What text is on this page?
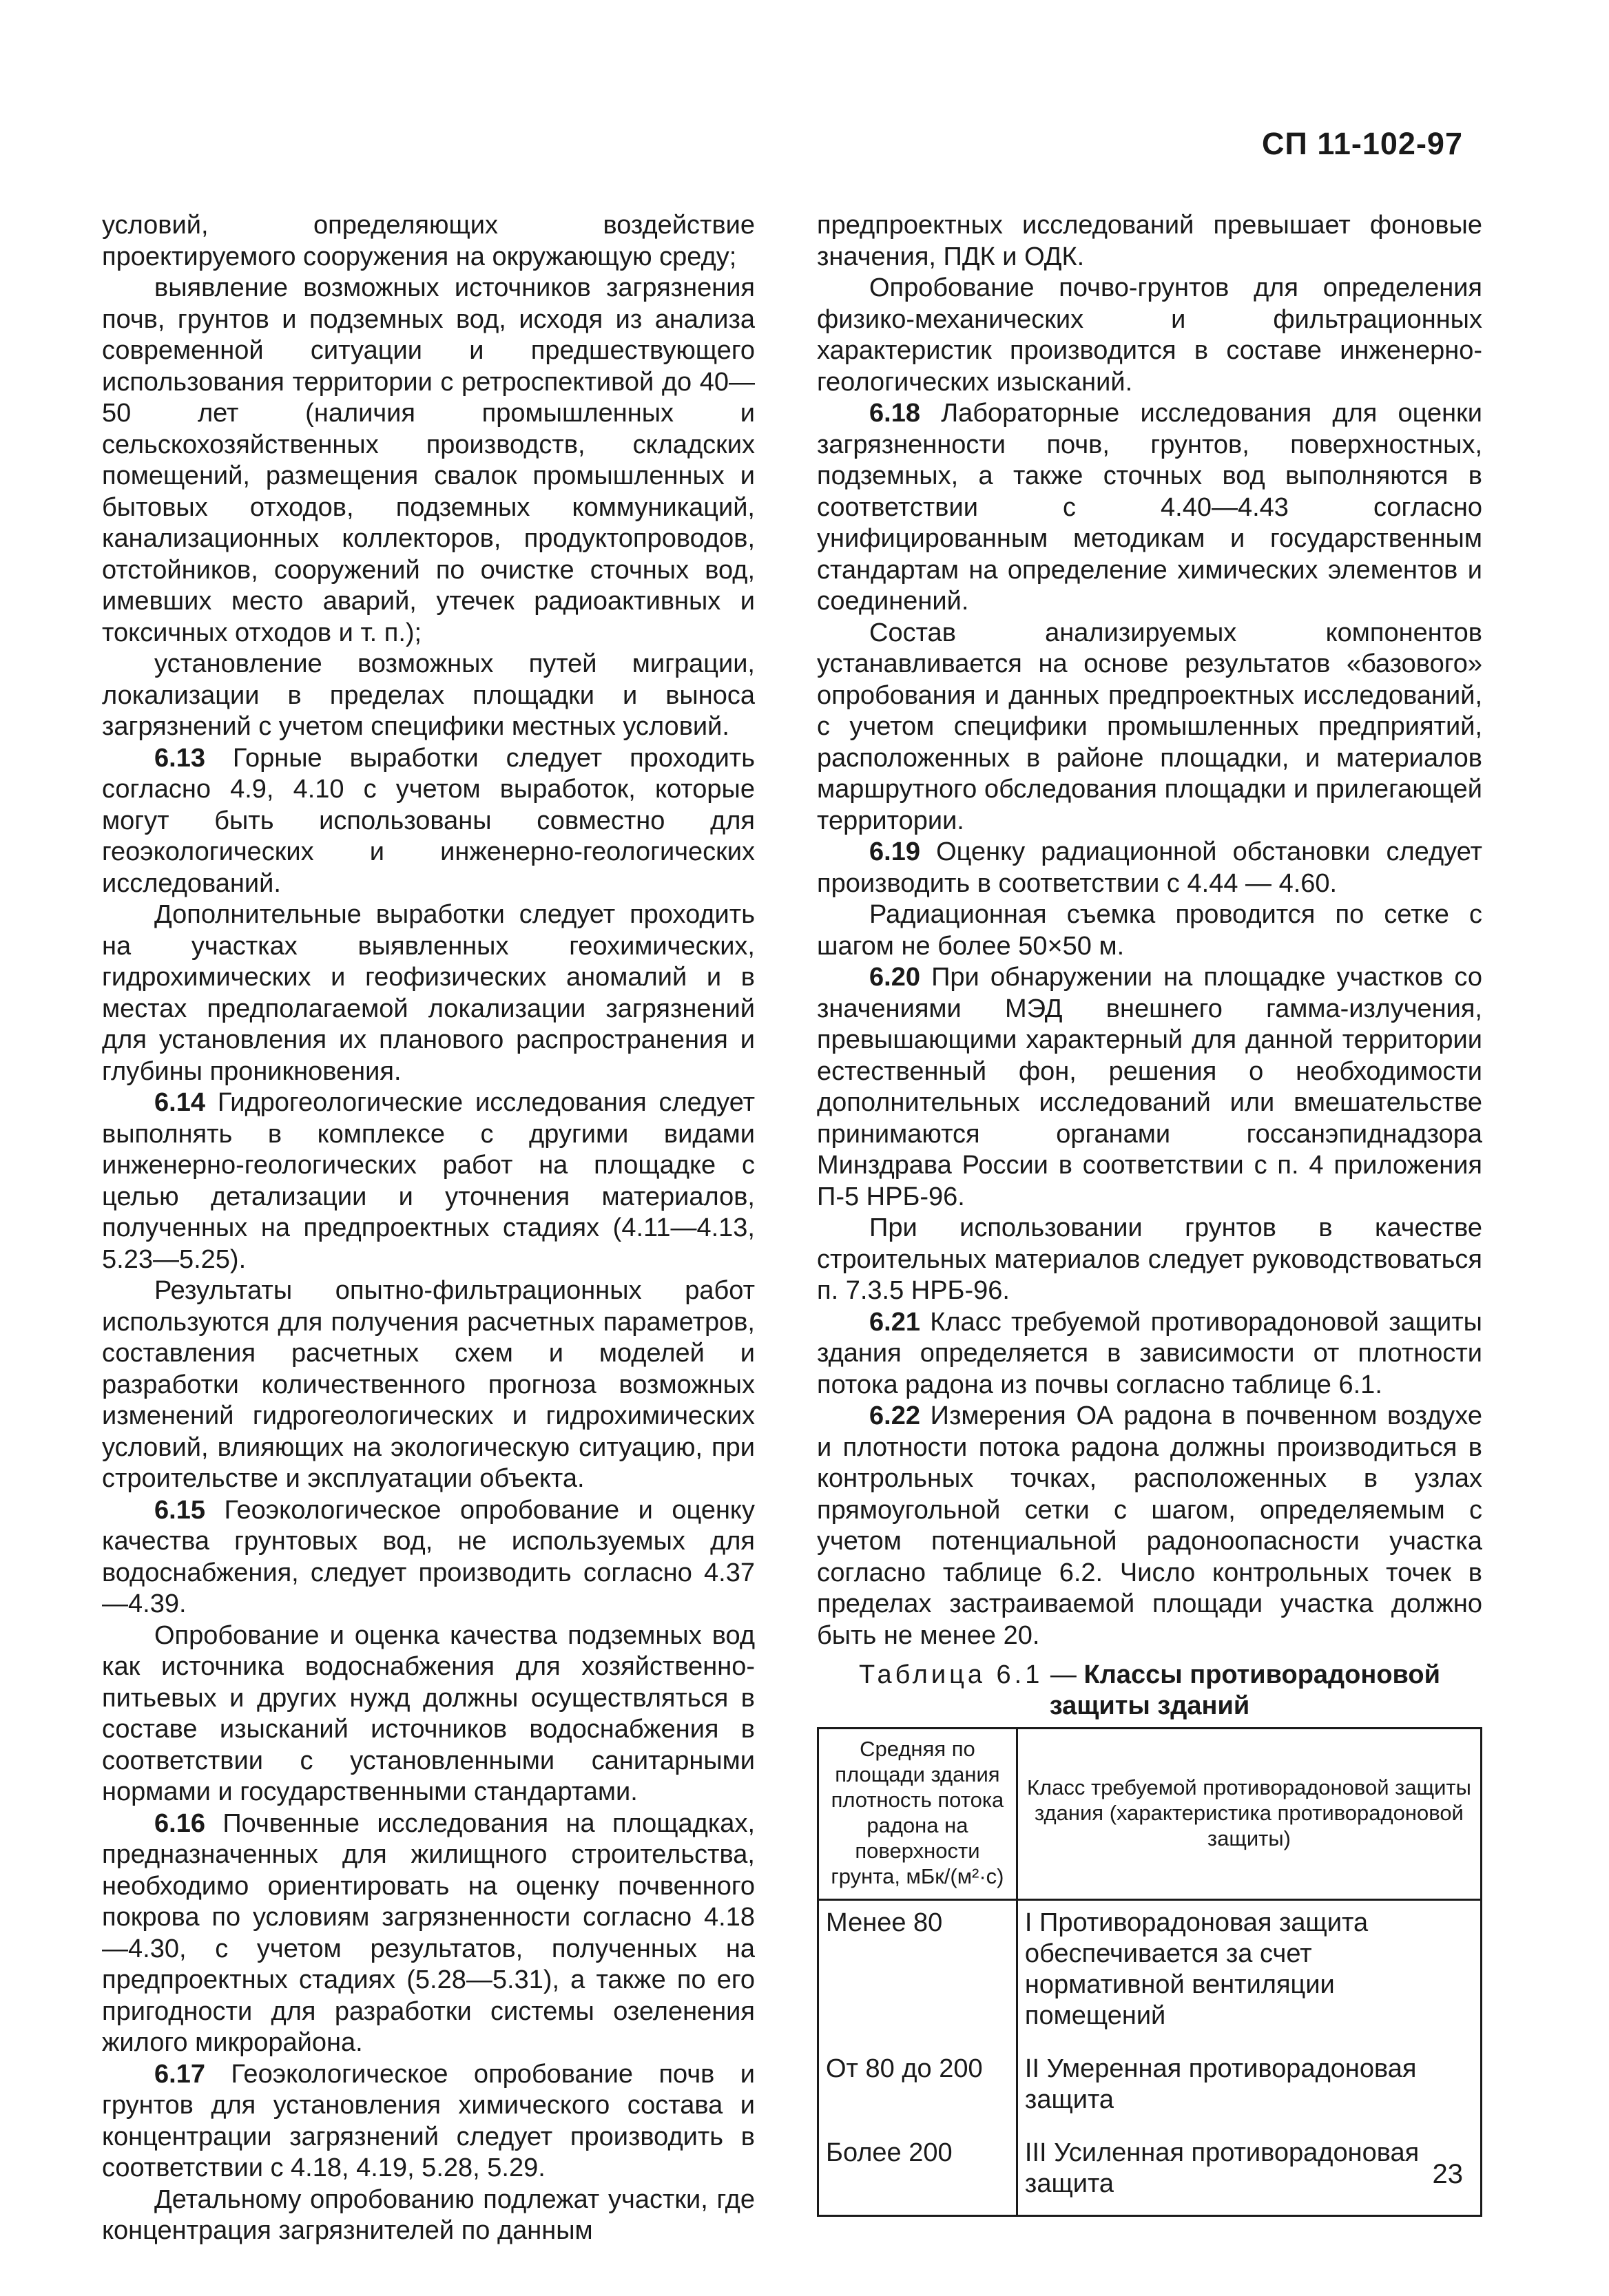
СП 11-102-97

условий, определяющих воздействие проектируемого сооружения на окружающую среду;

выявление возможных источников загрязнения почв, грунтов и подземных вод, исходя из анализа современной ситуации и предшествующего использования территории с ретроспективой до 40—50 лет (наличия промышленных и сельскохозяйственных производств, складских помещений, размещения свалок промышленных и бытовых отходов, подземных коммуникаций, канализационных коллекторов, продуктопроводов, отстойников, сооружений по очистке сточных вод, имевших место аварий, утечек радиоактивных и токсичных отходов и т. п.);

установление возможных путей миграции, локализации в пределах площадки и выноса загрязнений с учетом специфики местных условий.

6.13 Горные выработки следует проходить согласно 4.9, 4.10 с учетом выработок, которые могут быть использованы совместно для геоэкологических и инженерно-геологических исследований.

Дополнительные выработки следует проходить на участках выявленных геохимических, гидрохимических и геофизических аномалий и в местах предполагаемой локализации загрязнений для установления их планового распространения и глубины проникновения.

6.14 Гидрогеологические исследования следует выполнять в комплексе с другими видами инженерно-геологических работ на площадке с целью детализации и уточнения материалов, полученных на предпроектных стадиях (4.11—4.13, 5.23—5.25).

Результаты опытно-фильтрационных работ используются для получения расчетных параметров, составления расчетных схем и моделей и разработки количественного прогноза возможных изменений гидрогеологических и гидрохимических условий, влияющих на экологическую ситуацию, при строительстве и эксплуатации объекта.

6.15 Геоэкологическое опробование и оценку качества грунтовых вод, не используемых для водоснабжения, следует производить согласно 4.37—4.39.

Опробование и оценка качества подземных вод как источника водоснабжения для хозяйственно-питьевых и других нужд должны осуществляться в составе изысканий источников водоснабжения в соответствии с установленными санитарными нормами и государственными стандартами.

6.16 Почвенные исследования на площадках, предназначенных для жилищного строительства, необходимо ориентировать на оценку почвенного покрова по условиям загрязненности согласно 4.18—4.30, с учетом результатов, полученных на предпроектных стадиях (5.28—5.31), а также по его пригодности для разработки системы озеленения жилого микрорайона.

6.17 Геоэкологическое опробование почв и грунтов для установления химического состава и концентрации загрязнений следует производить в соответствии с 4.18, 4.19, 5.28, 5.29.

Детальному опробованию подлежат участки, где концентрация загрязнителей по данным

предпроектных исследований превышает фоновые значения, ПДК и ОДК.

Опробование почво-грунтов для определения физико-механических и фильтрационных характеристик производится в составе инженерно-геологических изысканий.

6.18 Лабораторные исследования для оценки загрязненности почв, грунтов, поверхностных, подземных, а также сточных вод выполняются в соответствии с 4.40—4.43 согласно унифицированным методикам и государственным стандартам на определение химических элементов и соединений.

Состав анализируемых компонентов устанавливается на основе результатов «базового» опробования и данных предпроектных исследований, с учетом специфики промышленных предприятий, расположенных в районе площадки, и материалов маршрутного обследования площадки и прилегающей территории.

6.19 Оценку радиационной обстановки следует производить в соответствии с 4.44 — 4.60.

Радиационная съемка проводится по сетке с шагом не более 50×50 м.

6.20 При обнаружении на площадке участков со значениями МЭД внешнего гамма-излучения, превышающими характерный для данной территории естественный фон, решения о необходимости дополнительных исследований или вмешательстве принимаются органами госсанэпиднадзора Минздрава России в соответствии с п. 4 приложения П-5 НРБ-96.

При использовании грунтов в качестве строительных материалов следует руководствоваться п. 7.3.5 НРБ-96.

6.21 Класс требуемой противорадоновой защиты здания определяется в зависимости от плотности потока радона из почвы согласно таблице 6.1.

6.22 Измерения ОА радона в почвенном воздухе и плотности потока радона должны производиться в контрольных точках, расположенных в узлах прямоугольной сетки с шагом, определяемым с учетом потенциальной радоноопасности участка согласно таблице 6.2. Число контрольных точек в пределах застраиваемой площади участка должно быть не менее 20.

Таблица 6.1 — Классы противорадоновой защиты зданий
Средняя по площади здания плотность потока радона на поверхности грунта, мБк/(м²·с)	Класс требуемой противорадоновой защиты здания (характеристика противорадоновой защиты)
Менее 80	I Противорадоновая защита обеспечивается за счет нормативной вентиляции помещений
От 80 до 200	II Умеренная противорадоновая защита
Более 200	III Усиленная противорадоновая защита	23
